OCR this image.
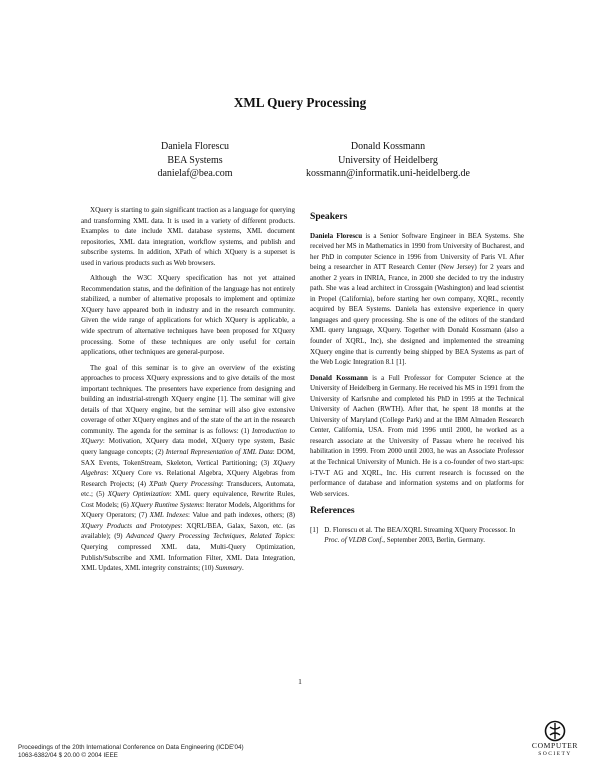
XML Query Processing
Daniela Florescu
BEA Systems
danielaf@bea.com
Donald Kossmann
University of Heidelberg
kossmann@informatik.uni-heidelberg.de

XQuery is starting to gain significant traction as a language for querying and transforming XML data. It is used in a variety of different products. Examples to date include XML database systems, XML document repositories, XML data integration, workflow systems, and publish and subscribe systems. In addition, XPath of which XQuery is a superset is used in various products such as Web browsers.

Although the W3C XQuery specification has not yet attained Recommendation status, and the definition of the language has not entirely stabilized, a number of alternative proposals to implement and optimize XQuery have appeared both in industry and in the research community. Given the wide range of applications for which XQuery is applicable, a wide spectrum of alternative techniques have been proposed for XQuery processing. Some of these techniques are only useful for certain applications, other techniques are general-purpose.

The goal of this seminar is to give an overview of the existing approaches to process XQuery expressions and to give details of the most important techniques. The presenters have experience from designing and building an industrial-strength XQuery engine [1]. The seminar will give details of that XQuery engine, but the seminar will also give extensive coverage of other XQuery engines and of the state of the art in the research community. The agenda for the seminar is as follows: (1) Introduction to XQuery: Motivation, XQuery data model, XQuery type system, Basic query language concepts; (2) Internal Representation of XML Data: DOM, SAX Events, TokenStream, Skeleton, Vertical Partitioning; (3) XQuery Algebras: XQuery Core vs. Relational Algebra, XQuery Algebras from Research Projects; (4) XPath Query Processing: Transducers, Automata, etc.; (5) XQuery Optimization: XML query equivalence, Rewrite Rules, Cost Models; (6) XQuery Runtime Systems: Iterator Models, Algorithms for XQuery Operators; (7) XML Indexes: Value and path indexes, others; (8) XQuery Products and Prototypes: XQRL/BEA, Galax, Saxon, etc. (as available); (9) Advanced Query Processing Techniques, Related Topics: Querying compressed XML data, Multi-Query Optimization, Publish/Subscribe and XML Information Filter, XML Data Integration, XML Updates, XML integrity constraints; (10) Summary.

Speakers

Daniela Florescu is a Senior Software Engineer in BEA Systems. She received her MS in Mathematics in 1990 from University of Bucharest, and her PhD in computer Science in 1996 from University of Paris VI. After being a researcher in ATT Research Center (New Jersey) for 2 years and another 2 years in INRIA, France, in 2000 she decided to try the industry path. She was a lead architect in Crossgain (Washington) and lead scientist in Propel (California), before starting her own company, XQRL, recently acquired by BEA Systems. Daniela has extensive experience in query languages and query processing. She is one of the editors of the standard XML query language, XQuery. Together with Donald Kossmann (also a founder of XQRL, Inc), she designed and implemented the streaming XQuery engine that is currently being shipped by BEA Systems as part of the Web Logic Integration 8.1 [1].

Donald Kossmann is a Full Professor for Computer Science at the University of Heidelberg in Germany. He received his MS in 1991 from the University of Karlsruhe and completed his PhD in 1995 at the Technical University of Aachen (RWTH). After that, he spent 18 months at the University of Maryland (College Park) and at the IBM Almaden Research Center, California, USA. From mid 1996 until 2000, he worked as a research associate at the University of Passau where he received his habilitation in 1999. From 2000 until 2003, he was an Associate Professor at the Technical University of Munich. He is a co-founder of two start-ups: i-TV-T AG and XQRL, Inc. His current research is focussed on the performance of database and information systems and on platforms for Web services.

References
[1] D. Florescu et al. The BEA/XQRL Streaming XQuery Processor. In Proc. of VLDB Conf., September 2003, Berlin, Germany.
1
Proceedings of the 20th International Conference on Data Engineering (ICDE'04)
1063-6382/04 $ 20.00 © 2004 IEEE
COMPUTER
SOCIETY
